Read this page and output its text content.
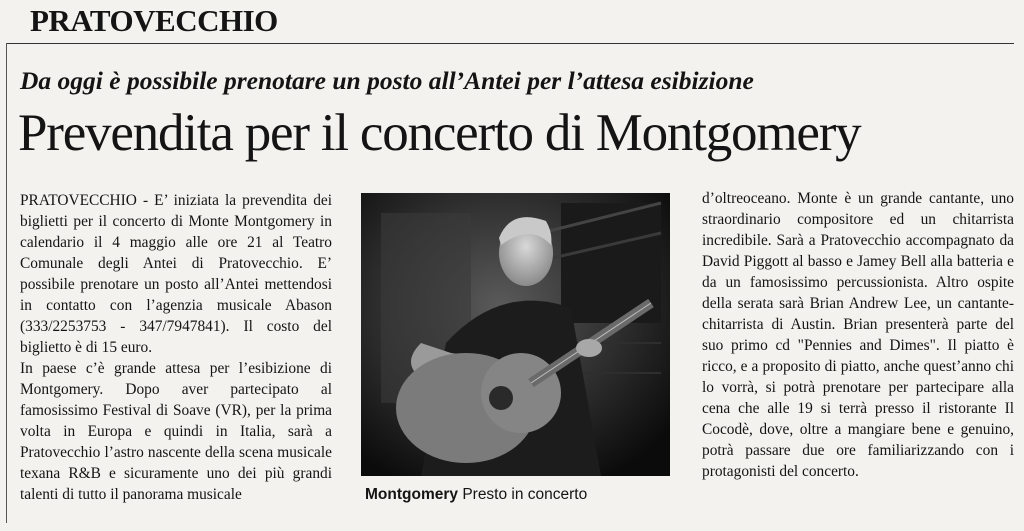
PRATOVECCHIO
Da oggi è possibile prenotare un posto all’Antei per l’attesa esibizione
Prevendita per il concerto di Montgomery

PRATOVECCHIO - E’ iniziata la prevendita dei biglietti per il concerto di Monte Montgomery in calendario il 4 maggio alle ore 21 al Teatro Comunale degli Antei di Pratovecchio. E’ possibile prenotare un posto all’Antei mettendosi in contatto con l’agenzia musicale Abason (333/2253753 - 347/7947841). Il costo del biglietto è di 15 euro.

In paese c’è grande attesa per l’esibizione di Montgomery. Dopo aver partecipato al famosissimo Festival di Soave (VR), per la prima volta in Europa e quindi in Italia, sarà a Pratovecchio l’astro nascente della scena musicale texana R&B e sicuramente uno dei più grandi talenti di tutto il panorama musicale	Montgomery Presto in concerto

d’oltreoceano. Monte è un grande cantante, uno straordinario compositore ed un chitarrista incredibile. Sarà a Pratovecchio accompagnato da David Piggott al basso e Jamey Bell alla batteria e da un famosissimo percussionista. Altro ospite della serata sarà Brian Andrew Lee, un cantante-chitarrista di Austin. Brian presenterà parte del suo primo cd "Pennies and Dimes". Il piatto è ricco, e a proposito di piatto, anche quest’anno chi lo vorrà, si potrà prenotare per partecipare alla cena che alle 19 si terrà presso il ristorante Il Cocodè, dove, oltre a mangiare bene e genuino, potrà passare due ore familiarizzando con i protagonisti del concerto.
